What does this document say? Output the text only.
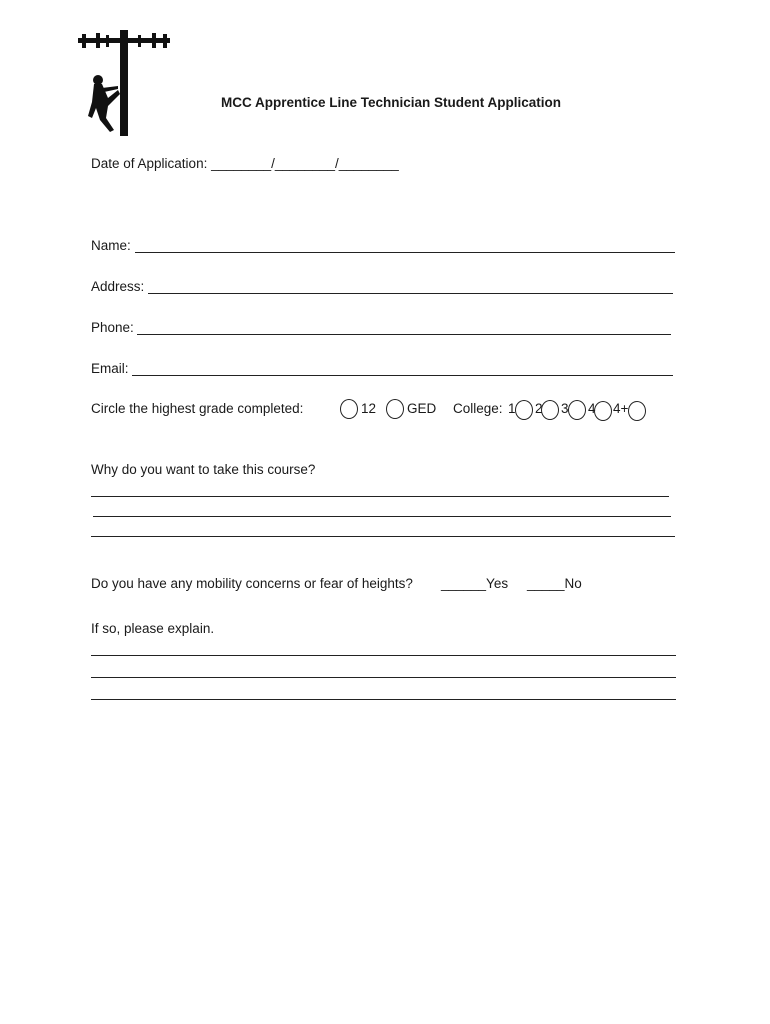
MCC Apprentice Line Technician Student Application
Date of Application: ________/________/________
Name:
Address:
Phone:
Email:
Circle the highest grade completed:	12 GED College: 1 2 3 4 4+
Why do you want to take this course?
Do you have any mobility concerns or fear of heights? ______Yes _____No
If so, please explain.
